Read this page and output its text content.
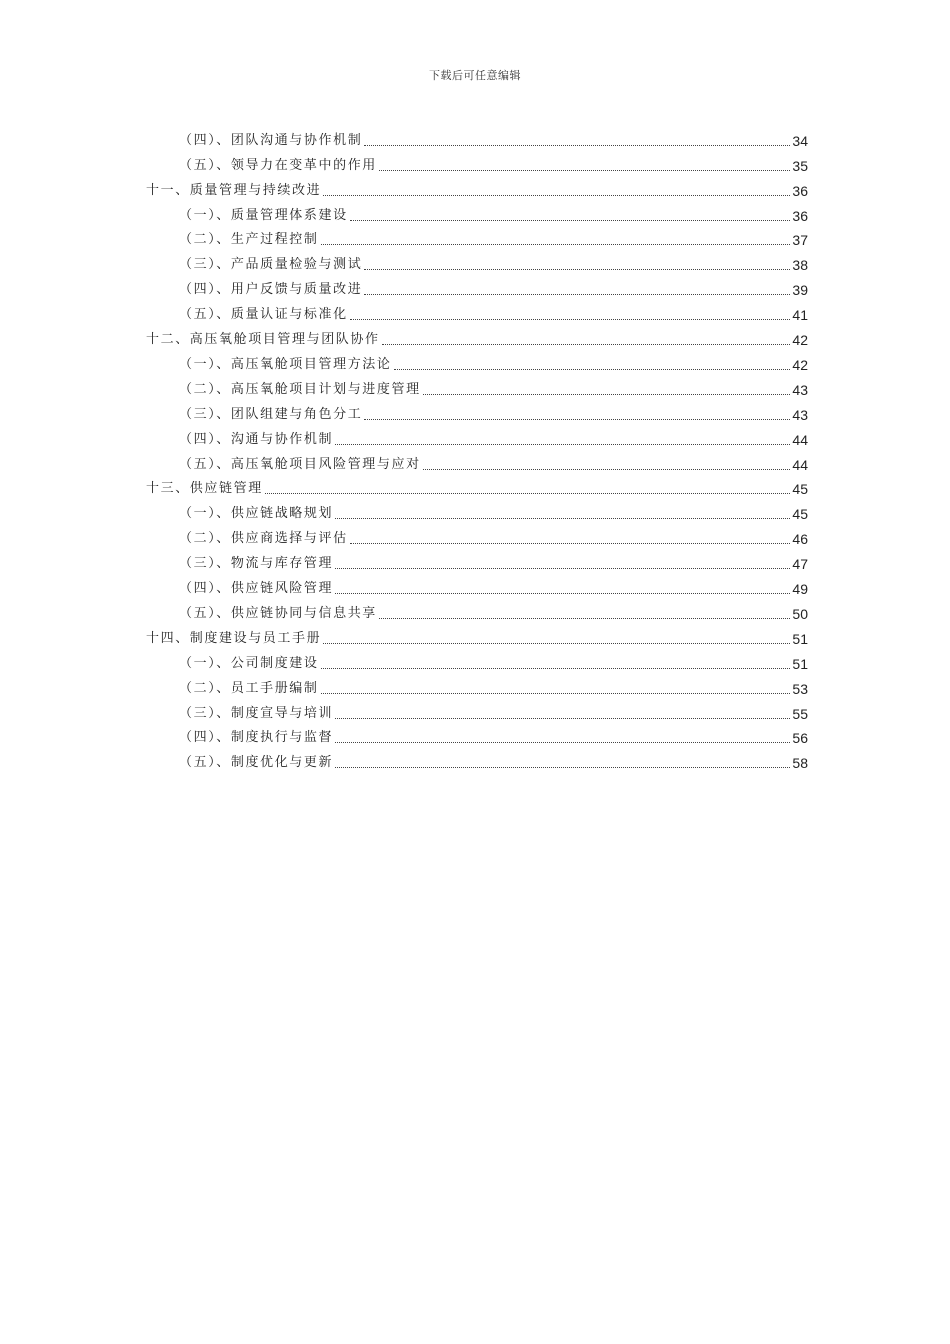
下载后可任意编辑
（四）、团队沟通与协作机制	34
（五）、领导力在变革中的作用	35
十一、质量管理与持续改进	36
（一）、质量管理体系建设	36
（二）、生产过程控制	37
（三）、产品质量检验与测试	38
（四）、用户反馈与质量改进	39
（五）、质量认证与标准化	41
十二、高压氧舱项目管理与团队协作	42
（一）、高压氧舱项目管理方法论	42
（二）、高压氧舱项目计划与进度管理	43
（三）、团队组建与角色分工	43
（四）、沟通与协作机制	44
（五）、高压氧舱项目风险管理与应对	44
十三、供应链管理	45
（一）、供应链战略规划	45
（二）、供应商选择与评估	46
（三）、物流与库存管理	47
（四）、供应链风险管理	49
（五）、供应链协同与信息共享	50
十四、制度建设与员工手册	51
（一）、公司制度建设	51
（二）、员工手册编制	53
（三）、制度宣导与培训	55
（四）、制度执行与监督	56
（五）、制度优化与更新	58
